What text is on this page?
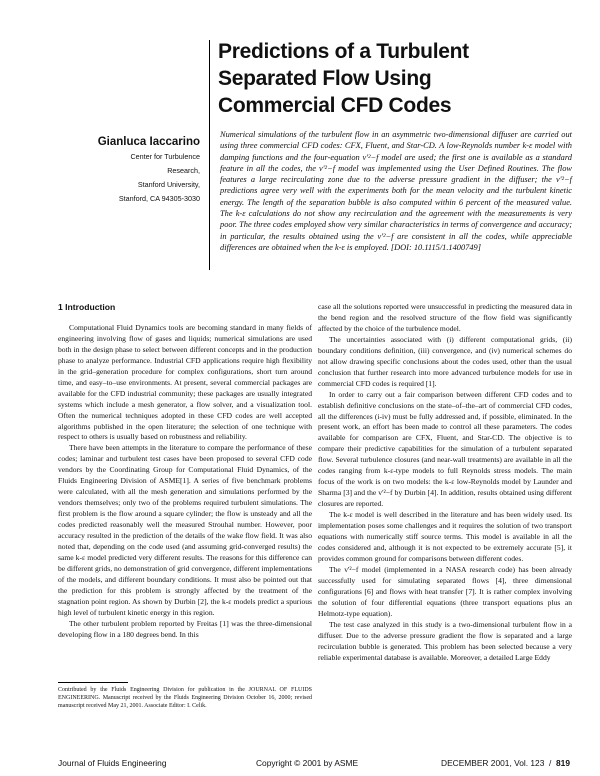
Predictions of a Turbulent
Separated Flow Using
Commercial CFD Codes
Gianluca Iaccarino
Center for Turbulence Research,
Stanford University,
Stanford, CA 94305-3030

Numerical simulations of the turbulent flow in an asymmetric two-dimensional diffuser are carried out using three commercial CFD codes: CFX, Fluent, and Star-CD. A low-Reynolds number k-ε model with damping functions and the four-equation v'²−f model are used; the first one is available as a standard feature in all the codes, the v'²−f model was implemented using the User Defined Routines. The flow features a large recirculating zone due to the adverse pressure gradient in the diffuser; the v'²−f predictions agree very well with the experiments both for the mean velocity and the turbulent kinetic energy. The length of the separation bubble is also computed within 6 percent of the measured value. The k-ε calculations do not show any recirculation and the agreement with the measurements is very poor. The three codes employed show very similar characteristics in terms of convergence and accuracy; in particular, the results obtained using the v'²−f are consistent in all the codes, while appreciable differences are obtained when the k-ε is employed. [DOI: 10.1115/1.1400749]

1 Introduction

Computational Fluid Dynamics tools are becoming standard in many fields of engineering involving flow of gases and liquids; numerical simulations are used both in the design phase to select between different concepts and in the production phase to analyze performance. Industrial CFD applications require high flexibility in the grid–generation procedure for complex configurations, short turn around time, and easy–to–use environments. At present, several commercial packages are available for the CFD industrial community; these packages are usually integrated systems which include a mesh generator, a flow solver, and a visualization tool. Often the numerical techniques adopted in these CFD codes are well accepted algorithms published in the open literature; the selection of one technique with respect to others is usually based on robustness and reliability.

There have been attempts in the literature to compare the performance of these codes; laminar and turbulent test cases have been proposed to several CFD code vendors by the Coordinating Group for Computational Fluid Dynamics, of the Fluids Engineering Division of ASME[1]. A series of five benchmark problems were calculated, with all the mesh generation and simulations performed by the vendors themselves; only two of the problems required turbulent simulations. The first problem is the flow around a square cylinder; the flow is unsteady and all the codes predicted reasonably well the measured Strouhal number. However, poor accuracy resulted in the prediction of the details of the wake flow field. It was also noted that, depending on the code used (and assuming grid-converged results) the same k-ε model predicted very different results. The reasons for this difference can be different grids, no demonstration of grid convergence, different implementations of the models, and different boundary conditions. It must also be pointed out that the prediction for this problem is strongly affected by the treatment of the stagnation point region. As shown by Durbin [2], the k-ε models predict a spurious high level of turbulent kinetic energy in this region.

The other turbulent problem reported by Freitas [1] was the three-dimensional developing flow in a 180 degrees bend. In this

case all the solutions reported were unsuccessful in predicting the measured data in the bend region and the resolved structure of the flow field was significantly affected by the choice of the turbulence model.

The uncertainties associated with (i) different computational grids, (ii) boundary conditions definition, (iii) convergence, and (iv) numerical schemes do not allow drawing specific conclusions about the codes used, other than the usual conclusion that further research into more advanced turbulence models for use in commercial CFD codes is required [1].

In order to carry out a fair comparison between different CFD codes and to establish definitive conclusions on the state–of–the–art of commercial CFD codes, all the differences (i-iv) must be fully addressed and, if possible, eliminated. In the present work, an effort has been made to control all these parameters. The codes available for comparison are CFX, Fluent, and Star-CD. The objective is to compare their predictive capabilities for the simulation of a turbulent separated flow. Several turbulence closures (and near-wall treatments) are available in all the codes ranging from k-ε-type models to full Reynolds stress models. The main focus of the work is on two models: the k-ε low-Reynolds model by Launder and Sharma [3] and the v'²−f by Durbin [4]. In addition, results obtained using different closures are reported.

The k-ε model is well described in the literature and has been widely used. Its implementation poses some challenges and it requires the solution of two transport equations with numerically stiff source terms. This model is available in all the codes considered and, although it is not expected to be extremely accurate [5], it provides common ground for comparisons between different codes.

The v'²−f model (implemented in a NASA research code) has been already successfully used for simulating separated flows [4], three dimensional configurations [6] and flows with heat transfer [7]. It is rather complex involving the solution of four differential equations (three transport equations plus an Helmotz-type equation).

The test case analyzed in this study is a two-dimensional turbulent flow in a diffuser. Due to the adverse pressure gradient the flow is separated and a large recirculation bubble is generated. This problem has been selected because a very reliable experimental database is available. Moreover, a detailed Large Eddy

Contributed by the Fluids Engineering Division for publication in the JOURNAL OF FLUIDS ENGINEERING. Manuscript received by the Fluids Engineering Division October 16, 2000; revised manuscript received May 21, 2001. Associate Editor: I. Celik.
Journal of Fluids Engineering	Copyright © 2001 by ASME	DECEMBER 2001, Vol. 123  /  819
